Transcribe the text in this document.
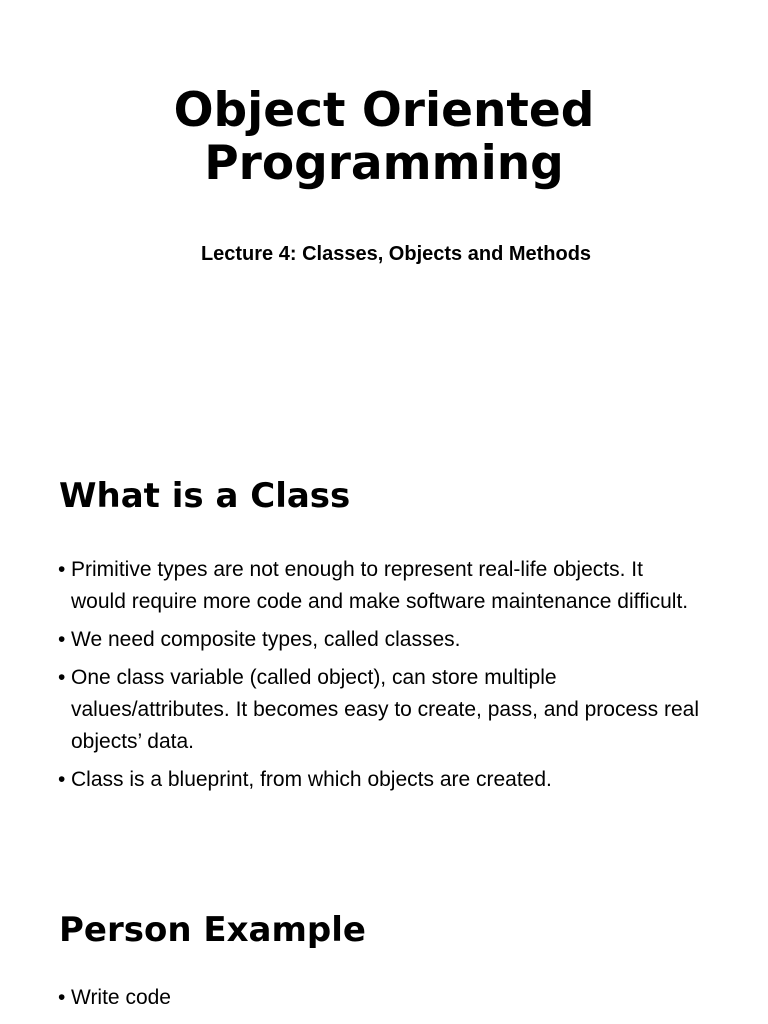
Object Oriented
Programming

Lecture 4: Classes, Objects and Methods

What is a Class
• Primitive types are not enough to represent real-life objects. It would require more code and make software maintenance difficult.
• We need composite types, called classes.
• One class variable (called object), can store multiple values/attributes. It becomes easy to create, pass, and process real objects’ data.
• Class is a blueprint, from which objects are created.
Person Example
• Write code
